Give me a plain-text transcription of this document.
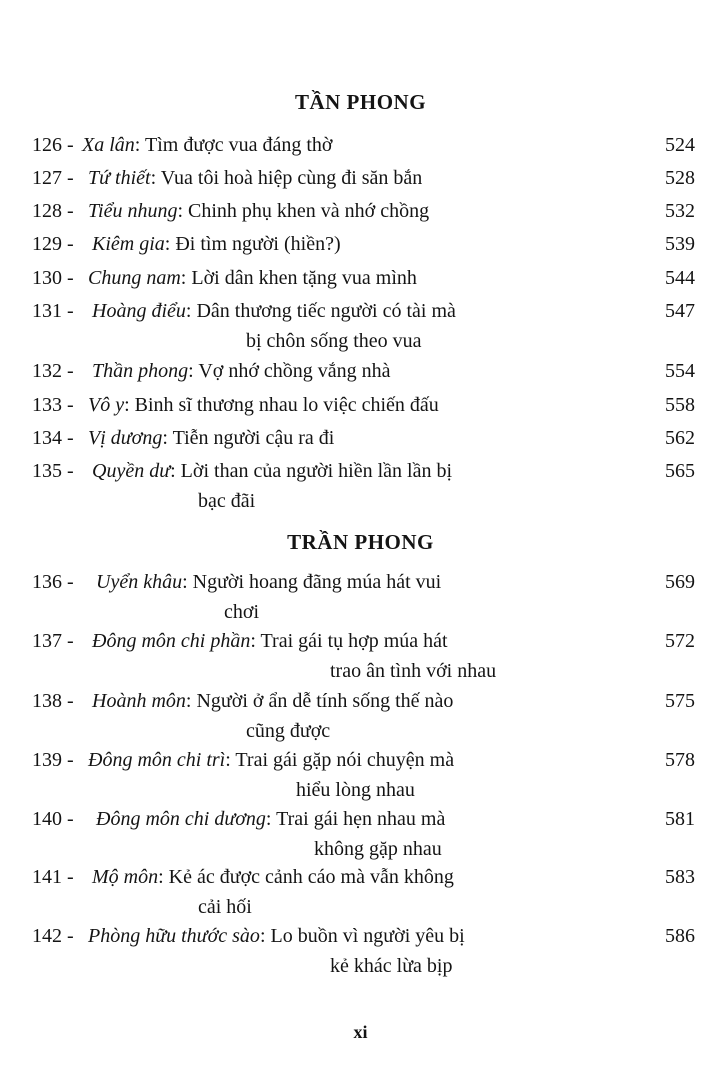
TẦN PHONG
126 - Xa lân: Tìm được vua đáng thờ	524
127 - Tứ thiết: Vua tôi hoà hiệp cùng đi săn bắn	528
128 - Tiểu nhung: Chinh phụ khen và nhớ chồng	532
129 - Kiêm gia: Đi tìm người (hiền?)	539
130 - Chung nam: Lời dân khen tặng vua mình	544
131 - Hoàng điểu: Dân thương tiếc người có tài mà	547
bị chôn sống theo vua
132 - Thần phong: Vợ nhớ chồng vắng nhà	554
133 - Vô y: Binh sĩ thương nhau lo việc chiến đấu	558
134 - Vị dương: Tiễn người cậu ra đi	562
135 - Quyền dư: Lời than của người hiền lần lần bị	565
bạc đãi
TRẦN PHONG
136 - Uyển khâu: Người hoang đãng múa hát vui	569
chơi
137 - Đông môn chi phần: Trai gái tụ hợp múa hát	572
trao ân tình với nhau
138 - Hoành môn: Người ở ẩn dễ tính sống thế nào	575
cũng được
139 - Đông môn chi trì: Trai gái gặp nói chuyện mà	578
hiểu lòng nhau
140 - Đông môn chi dương: Trai gái hẹn nhau mà	581
không gặp nhau
141 - Mộ môn: Kẻ ác được cảnh cáo mà vẫn không	583
cải hối
142 - Phòng hữu thước sào: Lo buồn vì người yêu bị	586
kẻ khác lừa bịp
xi
